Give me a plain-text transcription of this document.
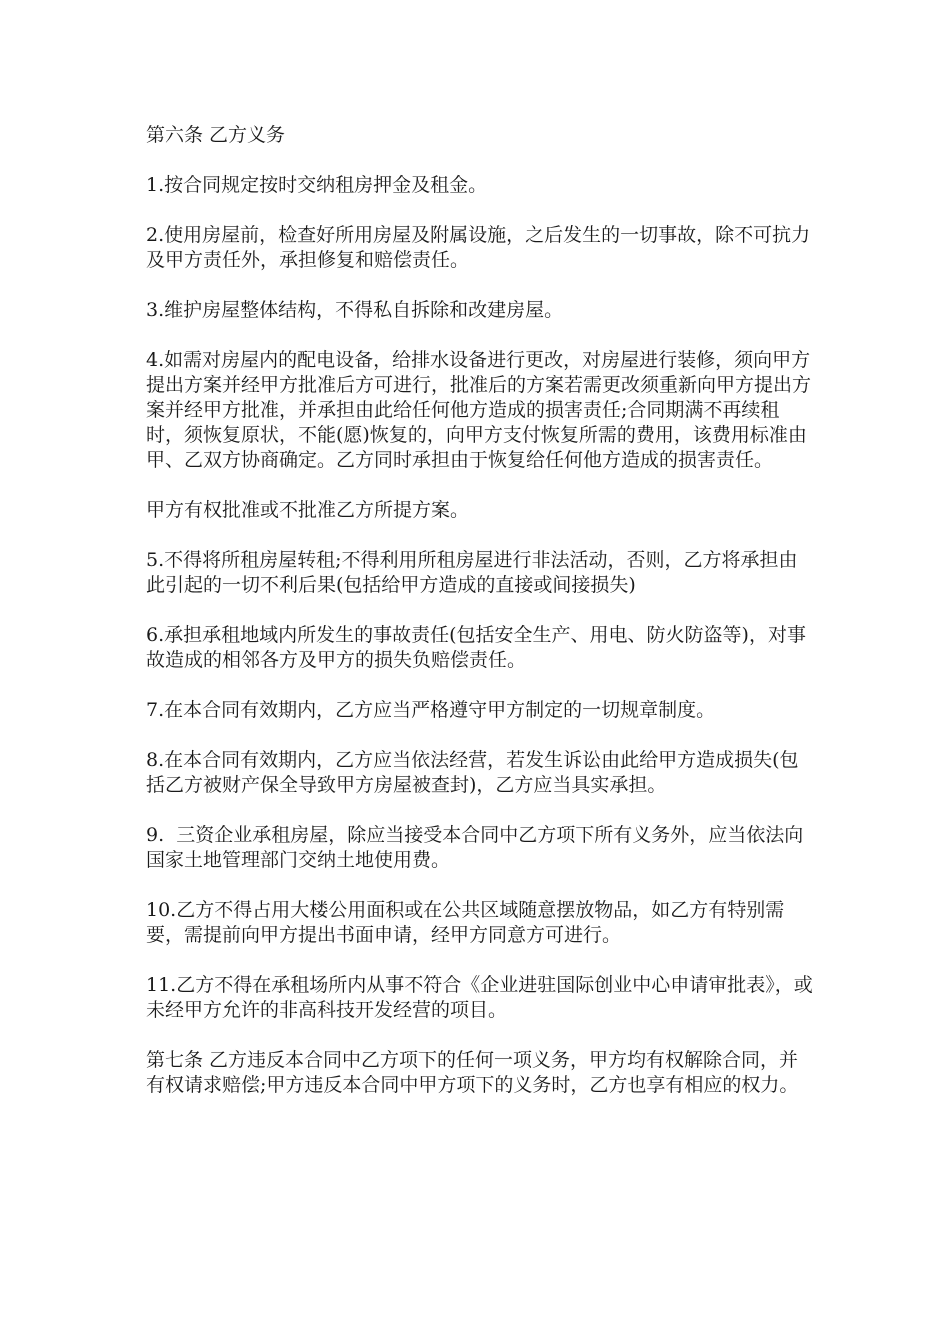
第六条 乙方义务

1.按合同规定按时交纳租房押金及租金。

2.使用房屋前，检查好所用房屋及附属设施，之后发生的一切事故，除不可抗力及甲方责任外，承担修复和赔偿责任。

3.维护房屋整体结构，不得私自拆除和改建房屋。

4.如需对房屋内的配电设备，给排水设备进行更改，对房屋进行装修，须向甲方提出方案并经甲方批准后方可进行，批准后的方案若需更改须重新向甲方提出方案并经甲方批准，并承担由此给任何他方造成的损害责任;合同期满不再续租时，须恢复原状，不能(愿)恢复的，向甲方支付恢复所需的费用，该费用标准由甲、乙双方协商确定。乙方同时承担由于恢复给任何他方造成的损害责任。

甲方有权批准或不批准乙方所提方案。

5.不得将所租房屋转租;不得利用所租房屋进行非法活动，否则，乙方将承担由此引起的一切不利后果(包括给甲方造成的直接或间接损失)

6.承担承租地域内所发生的事故责任(包括安全生产、用电、防火防盗等)，对事故造成的相邻各方及甲方的损失负赔偿责任。

7.在本合同有效期内，乙方应当严格遵守甲方制定的一切规章制度。

8.在本合同有效期内，乙方应当依法经营，若发生诉讼由此给甲方造成损失(包括乙方被财产保全导致甲方房屋被查封)，乙方应当具实承担。

9.  三资企业承租房屋，除应当接受本合同中乙方项下所有义务外，应当依法向国家土地管理部门交纳土地使用费。

10.乙方不得占用大楼公用面积或在公共区域随意摆放物品，如乙方有特别需要，需提前向甲方提出书面申请，经甲方同意方可进行。

11.乙方不得在承租场所内从事不符合《企业进驻国际创业中心申请审批表》，或未经甲方允许的非高科技开发经营的项目。

第七条 乙方违反本合同中乙方项下的任何一项义务，甲方均有权解除合同，并有权请求赔偿;甲方违反本合同中甲方项下的义务时，乙方也享有相应的权力。
